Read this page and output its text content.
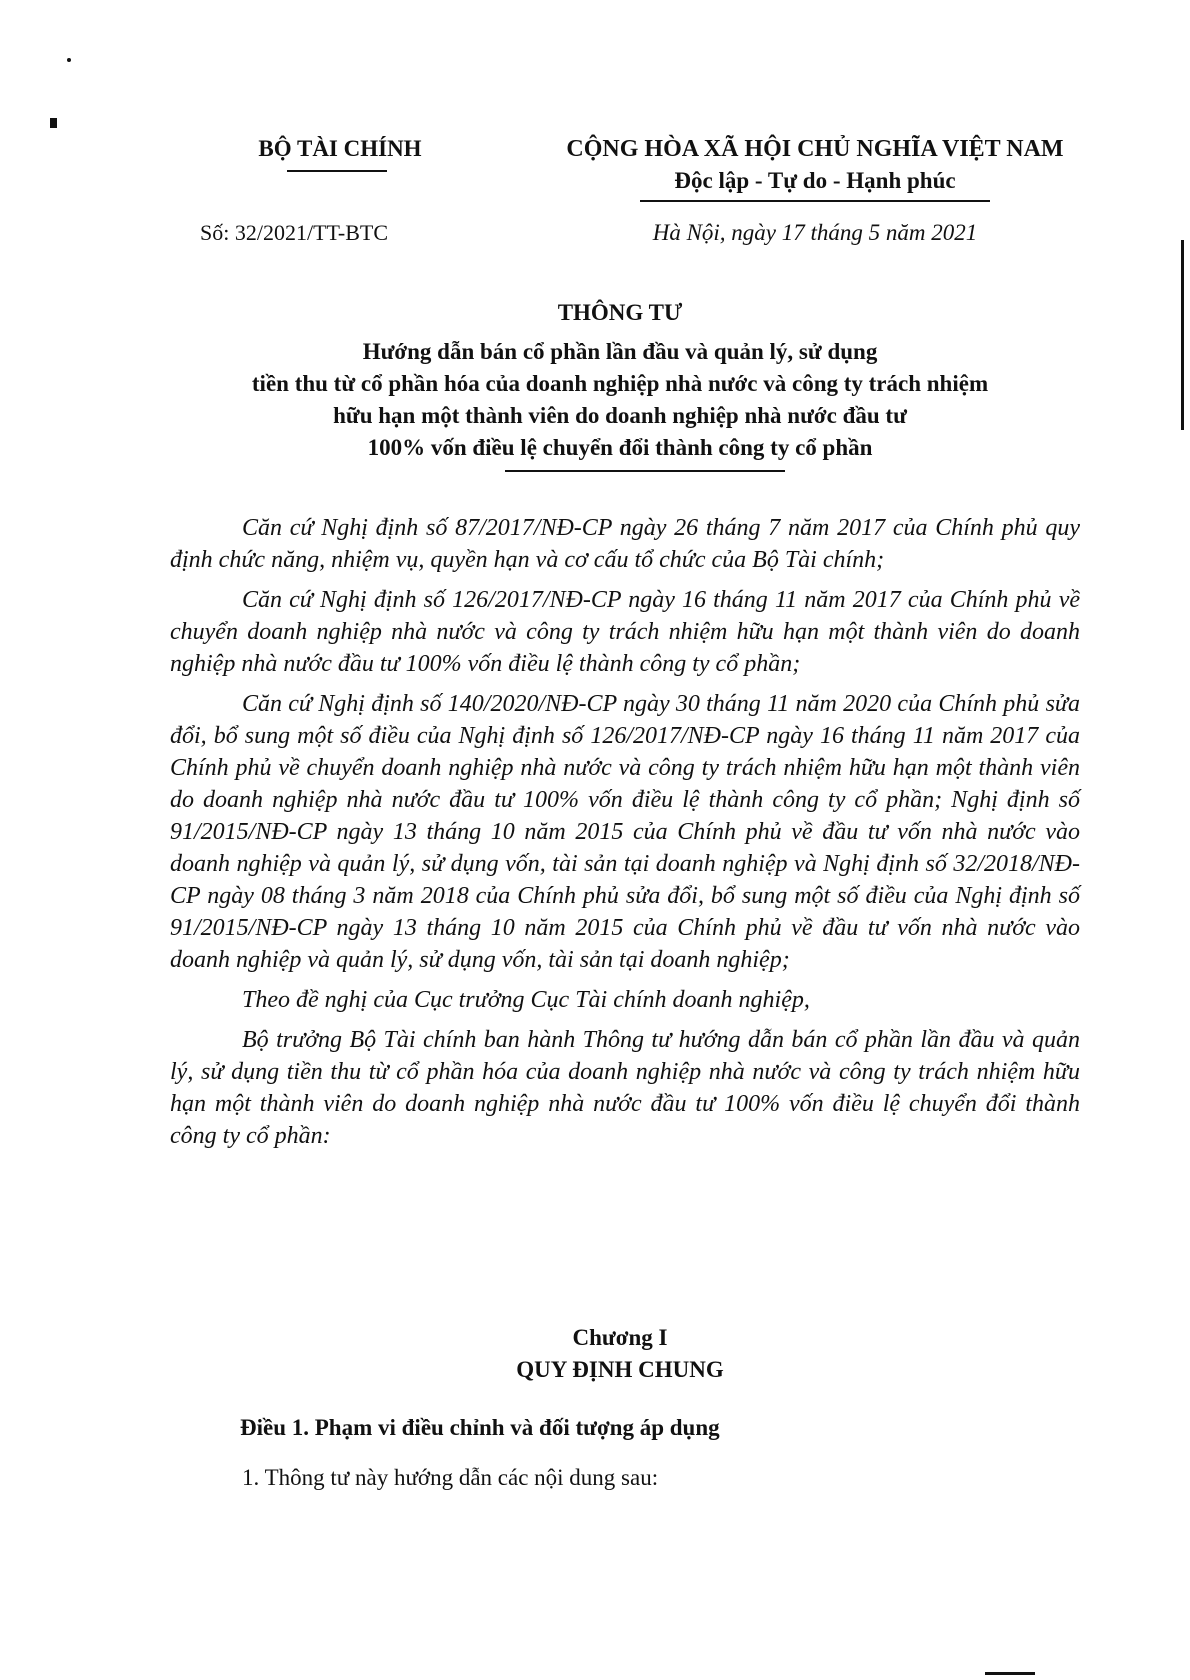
BỘ TÀI CHÍNH
Số: 32/2021/TT-BTC
CỘNG HÒA XÃ HỘI CHỦ NGHĨA VIỆT NAM
Độc lập - Tự do - Hạnh phúc
Hà Nội, ngày 17 tháng 5 năm 2021
THÔNG TƯ
Hướng dẫn bán cổ phần lần đầu và quản lý, sử dụng
tiền thu từ cổ phần hóa của doanh nghiệp nhà nước và công ty trách nhiệm
hữu hạn một thành viên do doanh nghiệp nhà nước đầu tư
100% vốn điều lệ chuyển đổi thành công ty cổ phần

Căn cứ Nghị định số 87/2017/NĐ-CP ngày 26 tháng 7 năm 2017 của Chính phủ quy định chức năng, nhiệm vụ, quyền hạn và cơ cấu tổ chức của Bộ Tài chính;

Căn cứ Nghị định số 126/2017/NĐ-CP ngày 16 tháng 11 năm 2017 của Chính phủ về chuyển doanh nghiệp nhà nước và công ty trách nhiệm hữu hạn một thành viên do doanh nghiệp nhà nước đầu tư 100% vốn điều lệ thành công ty cổ phần;

Căn cứ Nghị định số 140/2020/NĐ-CP ngày 30 tháng 11 năm 2020 của Chính phủ sửa đổi, bổ sung một số điều của Nghị định số 126/2017/NĐ-CP ngày 16 tháng 11 năm 2017 của Chính phủ về chuyển doanh nghiệp nhà nước và công ty trách nhiệm hữu hạn một thành viên do doanh nghiệp nhà nước đầu tư 100% vốn điều lệ thành công ty cổ phần; Nghị định số 91/2015/NĐ-CP ngày 13 tháng 10 năm 2015 của Chính phủ về đầu tư vốn nhà nước vào doanh nghiệp và quản lý, sử dụng vốn, tài sản tại doanh nghiệp và Nghị định số 32/2018/NĐ-CP ngày 08 tháng 3 năm 2018 của Chính phủ sửa đổi, bổ sung một số điều của Nghị định số 91/2015/NĐ-CP ngày 13 tháng 10 năm 2015 của Chính phủ về đầu tư vốn nhà nước vào doanh nghiệp và quản lý, sử dụng vốn, tài sản tại doanh nghiệp;

Theo đề nghị của Cục trưởng Cục Tài chính doanh nghiệp,

Bộ trưởng Bộ Tài chính ban hành Thông tư hướng dẫn bán cổ phần lần đầu và quản lý, sử dụng tiền thu từ cổ phần hóa của doanh nghiệp nhà nước và công ty trách nhiệm hữu hạn một thành viên do doanh nghiệp nhà nước đầu tư 100% vốn điều lệ chuyển đổi thành công ty cổ phần:

Chương I
QUY ĐỊNH CHUNG
Điều 1. Phạm vi điều chỉnh và đối tượng áp dụng
1. Thông tư này hướng dẫn các nội dung sau:
